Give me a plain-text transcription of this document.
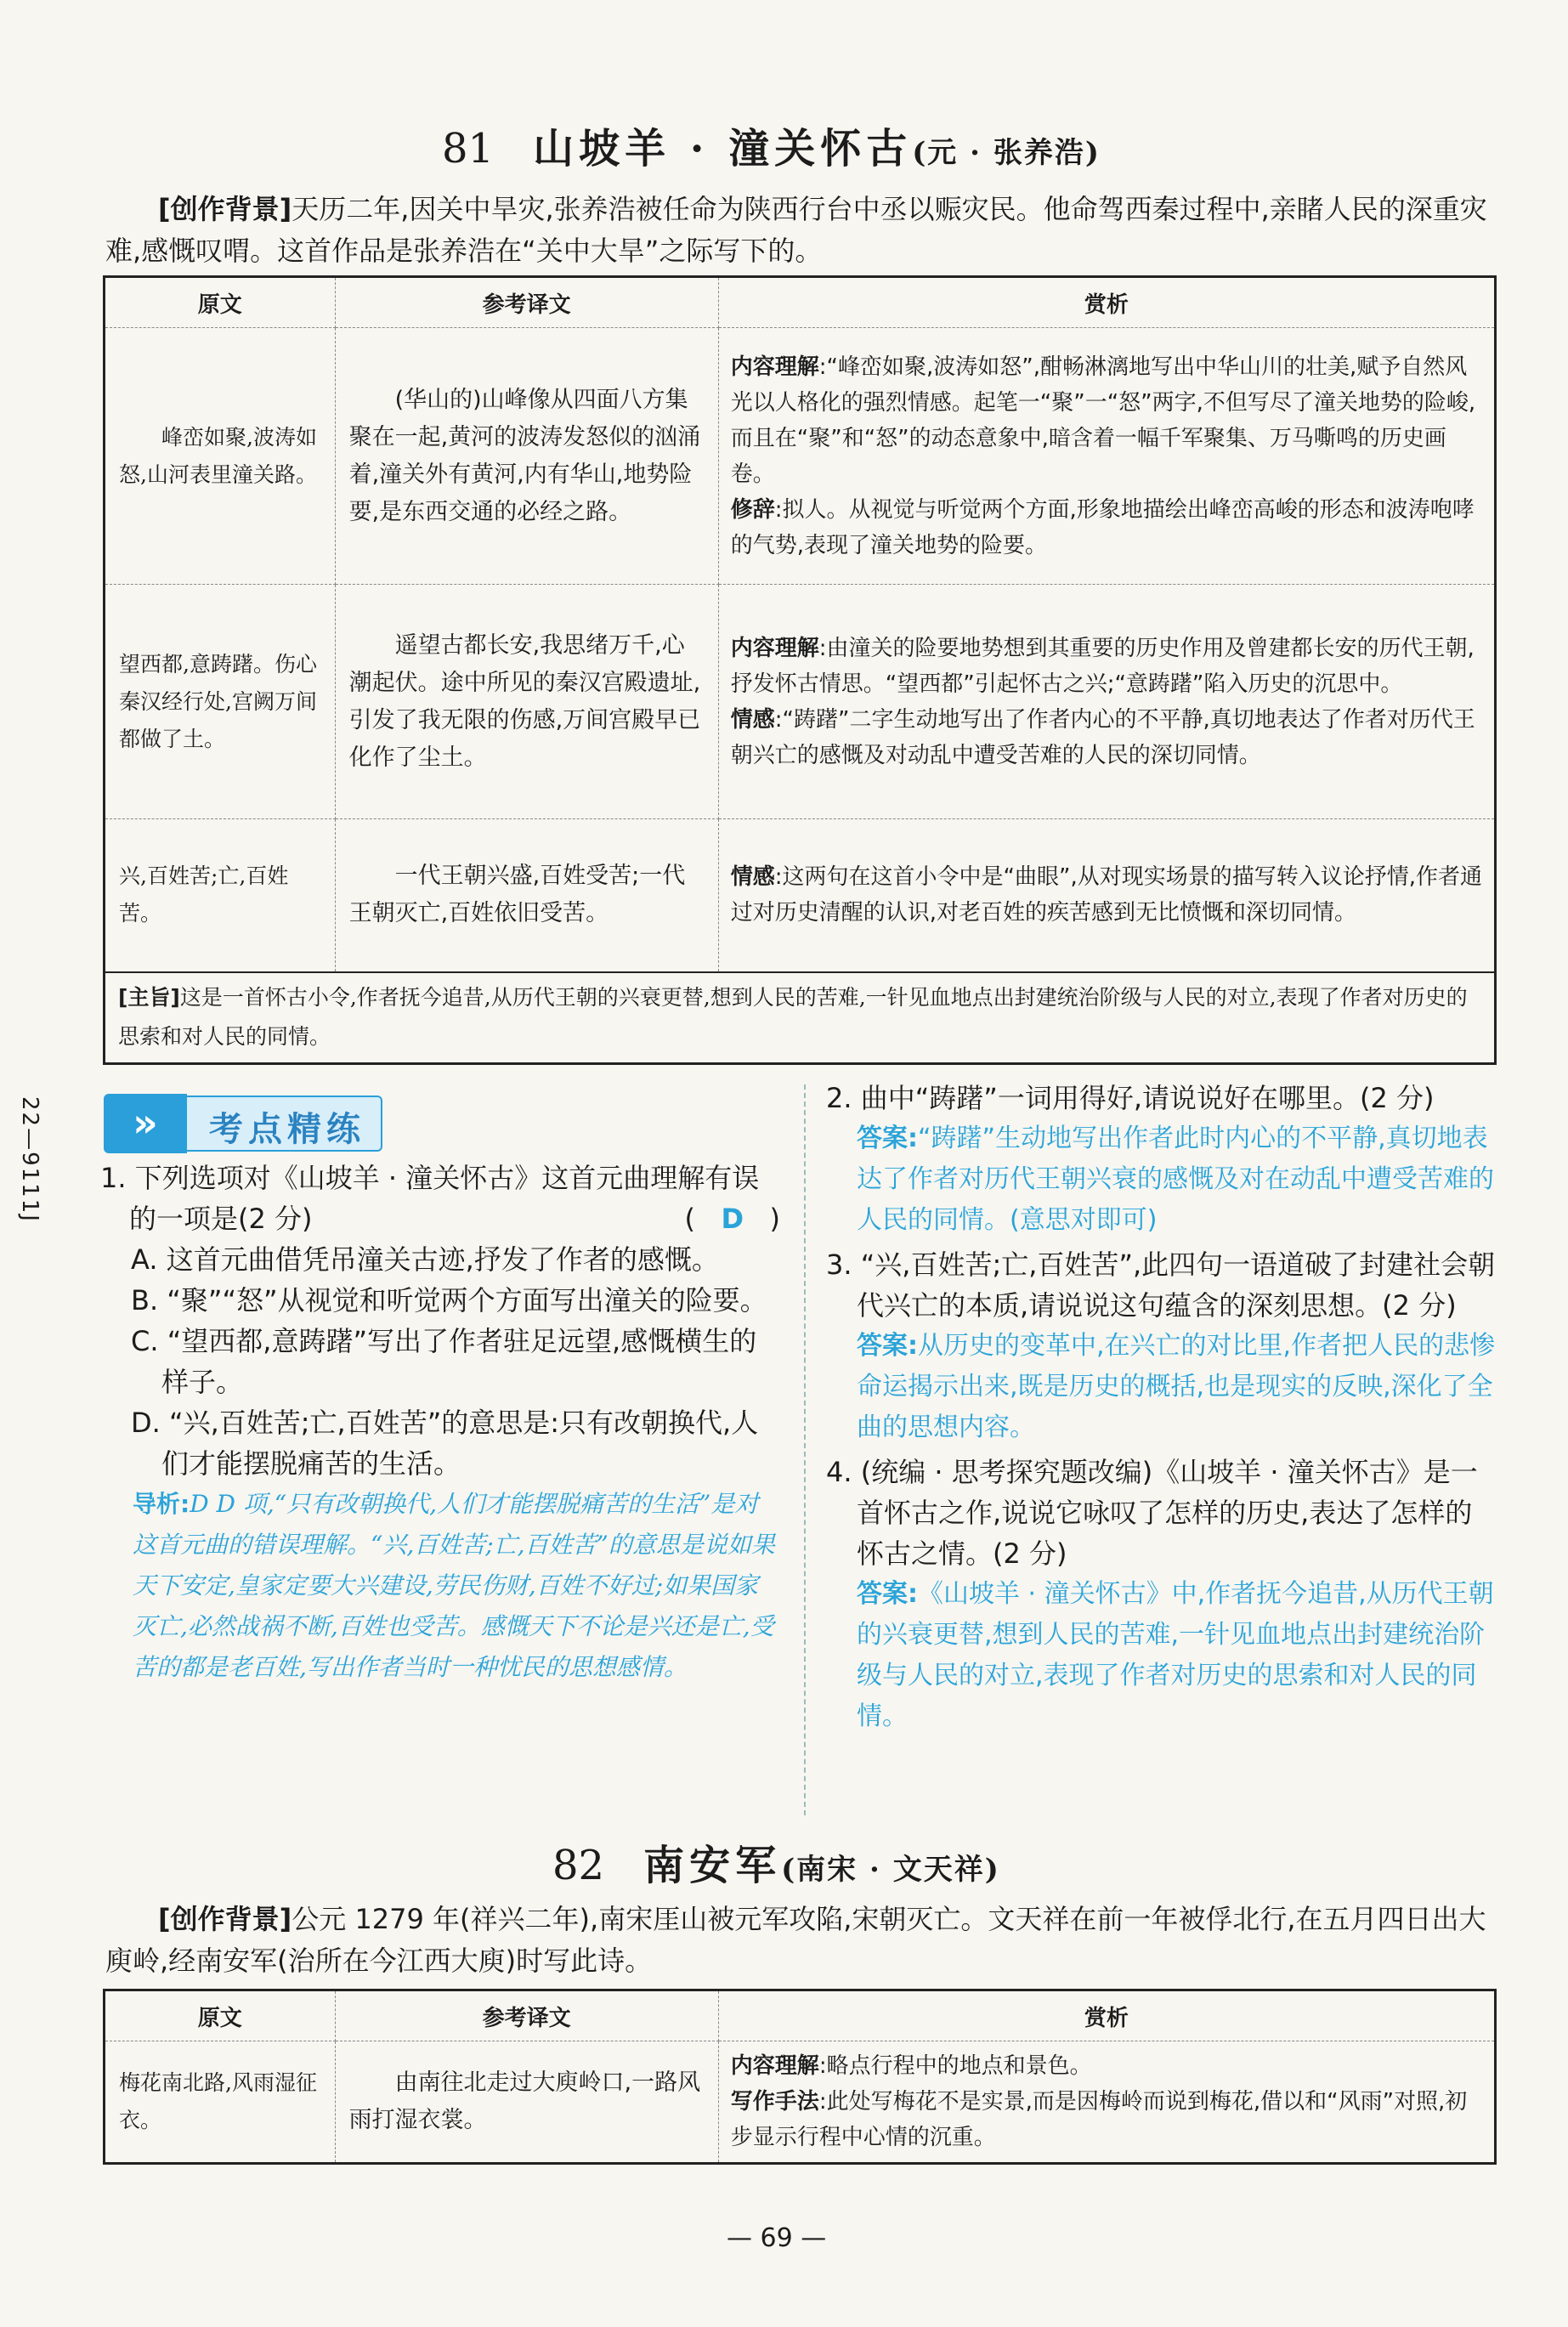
81 山坡羊 · 潼关怀古(元 · 张养浩)
[创作背景]天历二年,因关中旱灾,张养浩被任命为陕西行台中丞以赈灾民。他命驾西秦过程中,亲睹人民的深重灾难,感慨叹喟。这首作品是张养浩在“关中大旱”之际写下的。
原文	参考译文	赏析

峰峦如聚,波涛如怒,山河表里潼关路。	(华山的)山峰像从四面八方集聚在一起,黄河的波涛发怒似的汹涌着,潼关外有黄河,内有华山,地势险要,是东西交通的必经之路。	内容理解:“峰峦如聚,波涛如怒”,酣畅淋漓地写出中华山川的壮美,赋予自然风光以人格化的强烈情感。起笔一“聚”一“怒”两字,不但写尽了潼关地势的险峻,而且在“聚”和“怒”的动态意象中,暗含着一幅千军聚集、万马嘶鸣的历史画卷。

修辞:拟人。从视觉与听觉两个方面,形象地描绘出峰峦高峻的形态和波涛咆哮的气势,表现了潼关地势的险要。

望西都,意踌躇。伤心秦汉经行处,宫阙万间都做了土。	遥望古都长安,我思绪万千,心潮起伏。途中所见的秦汉宫殿遗址,引发了我无限的伤感,万间宫殿早已化作了尘土。	内容理解:由潼关的险要地势想到其重要的历史作用及曾建都长安的历代王朝,抒发怀古情思。“望西都”引起怀古之兴;“意踌躇”陷入历史的沉思中。

情感:“踌躇”二字生动地写出了作者内心的不平静,真切地表达了作者对历代王朝兴亡的感慨及对动乱中遭受苦难的人民的深切同情。

兴,百姓苦;亡,百姓苦。	一代王朝兴盛,百姓受苦;一代王朝灭亡,百姓依旧受苦。	情感:这两句在这首小令中是“曲眼”,从对现实场景的描写转入议论抒情,作者通过对历史清醒的认识,对老百姓的疾苦感到无比愤慨和深切同情。

[主旨]这是一首怀古小令,作者抚今追昔,从历代王朝的兴衰更替,想到人民的苦难,一针见血地点出封建统治阶级与人民的对立,表现了作者对历史的思索和对人民的同情。		
22—9111J	»	考点精练
1. 下列选项对《山坡羊 · 潼关怀古》这首元曲理解有误的一项是(2 分)	( D )
A. 这首元曲借凭吊潼关古迹,抒发了作者的感慨。
B. “聚”“怒”从视觉和听觉两个方面写出潼关的险要。
C. “望西都,意踌躇”写出了作者驻足远望,感慨横生的样子。
D. “兴,百姓苦;亡,百姓苦”的意思是:只有改朝换代,人们才能摆脱痛苦的生活。
导析:D D 项,“只有改朝换代,人们才能摆脱痛苦的生活”是对这首元曲的错误理解。“兴,百姓苦;亡,百姓苦”的意思是说如果天下安定,皇家定要大兴建设,劳民伤财,百姓不好过;如果国家灭亡,必然战祸不断,百姓也受苦。感慨天下不论是兴还是亡,受苦的都是老百姓,写出作者当时一种忧民的思想感情。
2. 曲中“踌躇”一词用得好,请说说好在哪里。(2 分)
答案:“踌躇”生动地写出作者此时内心的不平静,真切地表达了作者对历代王朝兴衰的感慨及对在动乱中遭受苦难的人民的同情。(意思对即可)
3. “兴,百姓苦;亡,百姓苦”,此四句一语道破了封建社会朝代兴亡的本质,请说说这句蕴含的深刻思想。(2 分)
答案:从历史的变革中,在兴亡的对比里,作者把人民的悲惨命运揭示出来,既是历史的概括,也是现实的反映,深化了全曲的思想内容。
4. (统编 · 思考探究题改编)《山坡羊 · 潼关怀古》是一首怀古之作,说说它咏叹了怎样的历史,表达了怎样的怀古之情。(2 分)
答案:《山坡羊 · 潼关怀古》中,作者抚今追昔,从历代王朝的兴衰更替,想到人民的苦难,一针见血地点出封建统治阶级与人民的对立,表现了作者对历史的思索和对人民的同情。
82 南安军(南宋 · 文天祥)
[创作背景]公元 1279 年(祥兴二年),南宋厓山被元军攻陷,宋朝灭亡。文天祥在前一年被俘北行,在五月四日出大庾岭,经南安军(治所在今江西大庾)时写此诗。
原文	参考译文	赏析
梅花南北路,风雨湿征衣。	由南往北走过大庾岭口,一路风雨打湿衣裳。	内容理解:略点行程中的地点和景色。

写作手法:此处写梅花不是实景,而是因梅岭而说到梅花,借以和“风雨”对照,初步显示行程中心情的沉重。

— 69 —
